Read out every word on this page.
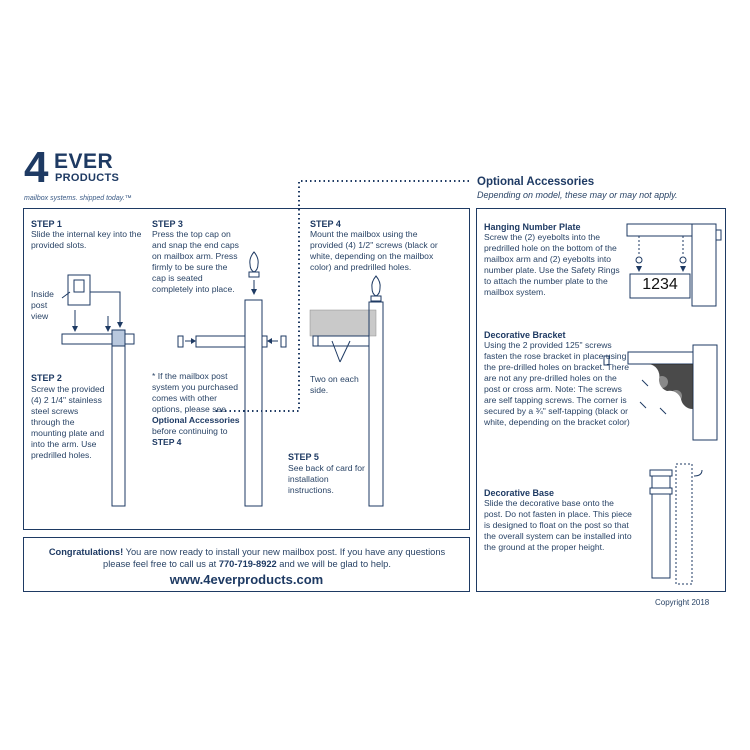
4 EVER
PRODUCTS
mailbox systems. shipped today.™
Optional Accessories
Depending on model, these may or may not apply.
STEP 1
Slide the internal key into the provided slots.
Inside post view
STEP 2
Screw the provided (4) 2 1/4" stainless steel screws through the mounting plate and into the arm. Use predrilled holes.
STEP 3
Press the top cap on and snap the end caps on mailbox arm. Press firmly to be sure the cap is seated completely into place.
* If the mailbox post system you purchased comes with other options, please see Optional Accessories before continuing to STEP 4
STEP 4
Mount the mailbox using the provided (4) 1/2" screws (black or white, depending on the mailbox color) and predrilled holes.
Two on each side.
STEP 5
See back of card for installation instructions.
Hanging Number Plate
Screw the (2) eyebolts into the predrilled hole on the bottom of the mailbox arm and (2) eyebolts into number plate. Use the Safety Rings to attach the number plate to the mailbox system.	1234
Decorative Bracket
Using the 2 provided 125" screws fasten the rose bracket in place using the pre-drilled holes on bracket. There are not any pre-drilled holes on the post or cross arm. Note: The screws are self tapping screws. The corner is secured by a ¾" self-tapping (black or white, depending on the bracket color)
Decorative Base
Slide the decorative base onto the post. Do not fasten in place. This piece is designed to float on the post so that the overall system can be installed into the ground at the proper height.
Congratulations! You are now ready to install your new mailbox post. If you have any questions please feel free to call us at 770-719-8922 and we will be glad to help.
www.4everproducts.com
Copyright 2018
